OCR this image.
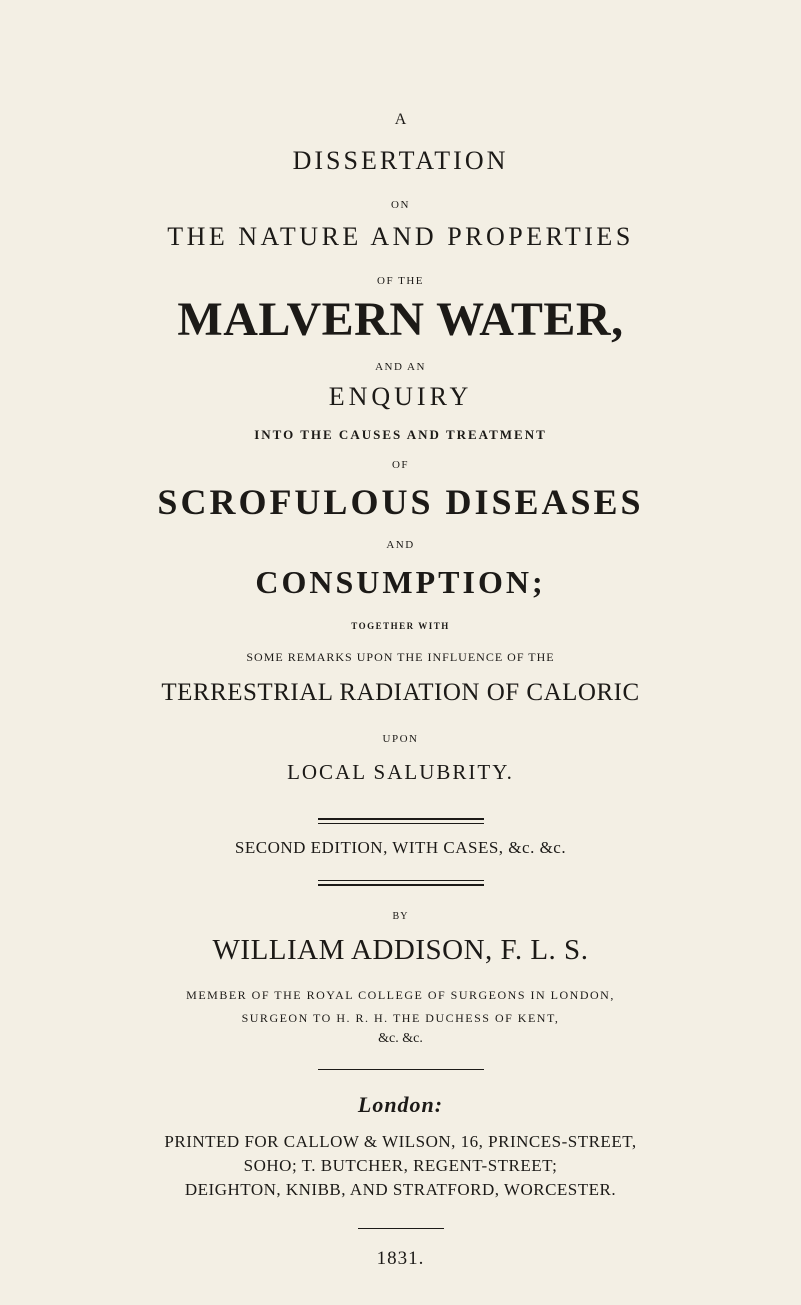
A
DISSERTATION
ON
THE NATURE AND PROPERTIES
OF THE
MALVERN WATER,
AND AN
ENQUIRY
INTO THE CAUSES AND TREATMENT
OF
SCROFULOUS DISEASES
AND
CONSUMPTION;
TOGETHER WITH
SOME REMARKS UPON THE INFLUENCE OF THE
TERRESTRIAL RADIATION OF CALORIC
UPON
LOCAL SALUBRITY.
SECOND EDITION, WITH CASES, &c. &c.
BY
WILLIAM ADDISON, F. L. S.
MEMBER OF THE ROYAL COLLEGE OF SURGEONS IN LONDON,
SURGEON TO H. R. H. THE DUCHESS OF KENT,
&c. &c.
London:
PRINTED FOR CALLOW & WILSON, 16, PRINCES-STREET,
SOHO; T. BUTCHER, REGENT-STREET;
DEIGHTON, KNIBB, AND STRATFORD, WORCESTER.
1831.
